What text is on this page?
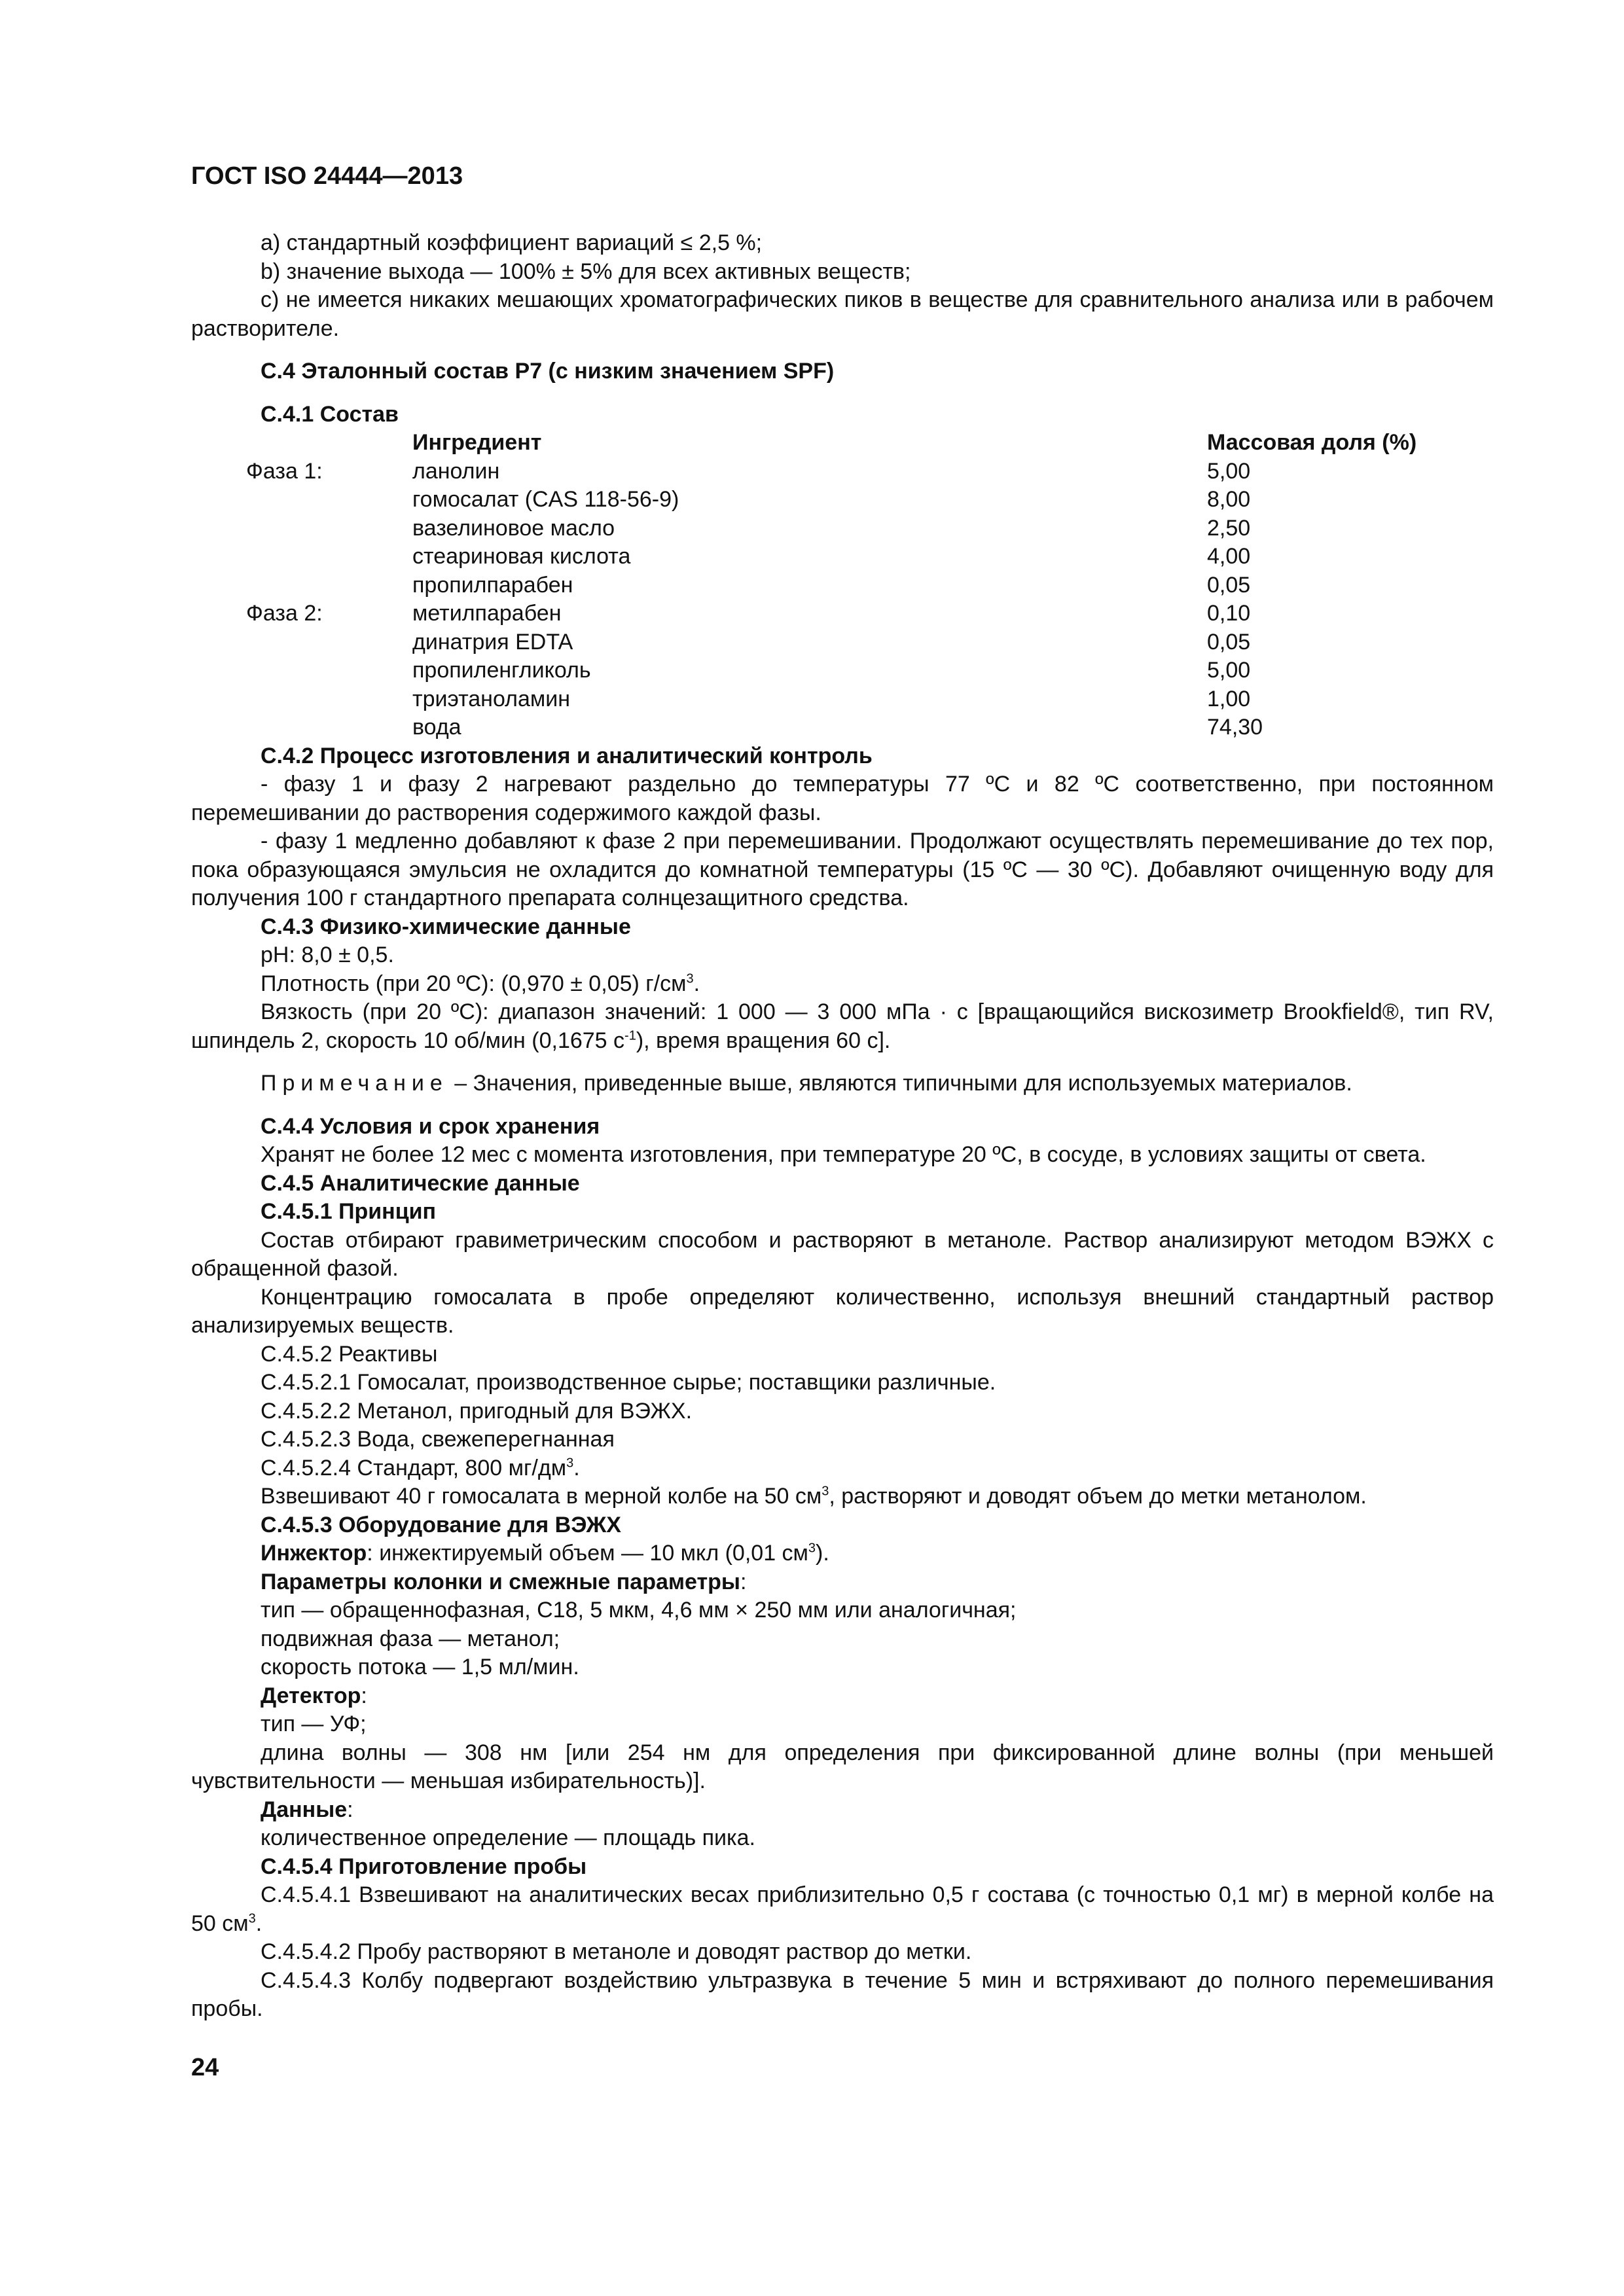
ГОСТ ISO 24444—2013

а) стандартный коэффициент вариаций ≤ 2,5 %;

b) значение выхода — 100% ± 5% для всех активных веществ;

с) не имеется никаких мешающих хроматографических пиков в веществе для сравнительного анализа или в рабочем растворителе.

С.4 Эталонный состав Р7 (с низким значением SPF)

С.4.1 Состав

		Ингредиент	Массовая доля (%)
	Фаза 1:	ланолин	5,00
		гомосалат (CAS 118-56-9)	8,00
		вазелиновое масло	2,50
		стеариновая кислота	4,00
		пропилпарабен	0,05
	Фаза 2:	метилпарабен	0,10
		динатрия EDTA	0,05
		пропиленгликоль	5,00
		триэтаноламин	1,00
		вода	74,30

С.4.2 Процесс изготовления и аналитический контроль

- фазу 1 и фазу 2 нагревают раздельно до температуры 77 ºC и 82 ºC соответственно, при постоянном перемешивании до растворения содержимого каждой фазы.

- фазу 1 медленно добавляют к фазе 2 при перемешивании. Продолжают осуществлять перемешивание до тех пор, пока образующаяся эмульсия не охладится до комнатной температуры (15 ºC — 30 ºC). Добавляют очищенную воду для получения 100 г стандартного препарата солнцезащитного средства.

С.4.3 Физико-химические данные

pH: 8,0 ± 0,5.

Плотность (при 20 ºC): (0,970 ± 0,05) $г/см^3$.

Вязкость (при 20 ºC): диапазон значений: 1 000 — 3 000 мПа · с [вращающийся вискозиметр Brookfield®, тип RV, шпиндель 2, скорость 10 об/мин (0,1675 $с^{-1}$), время вращения 60 с].

Примечание – Значения, приведенные выше, являются типичными для используемых материалов.

С.4.4 Условия и срок хранения

Хранят не более 12 мес с момента изготовления, при температуре 20 ºC, в сосуде, в условиях защиты от света.

С.4.5 Аналитические данные

С.4.5.1 Принцип

Состав отбирают гравиметрическим способом и растворяют в метаноле. Раствор анализируют методом ВЭЖХ с обращенной фазой.

Концентрацию гомосалата в пробе определяют количественно, используя внешний стандартный раствор анализируемых веществ.

С.4.5.2 Реактивы

С.4.5.2.1 Гомосалат, производственное сырье; поставщики различные.

С.4.5.2.2 Метанол, пригодный для ВЭЖХ.

С.4.5.2.3 Вода, свежеперегнанная

С.4.5.2.4 Стандарт, 800 $мг/дм^3$.

Взвешивают 40 г гомосалата в мерной колбе на 50 $см^3$, растворяют и доводят объем до метки метанолом.

С.4.5.3 Оборудование для ВЭЖХ

Инжектор: инжектируемый объем — 10 мкл (0,01 $см^3$).

Параметры колонки и смежные параметры:

тип — обращеннофазная, С18, 5 мкм, 4,6 мм × 250 мм или аналогичная;

подвижная фаза — метанол;

скорость потока — 1,5 мл/мин.

Детектор:

тип — УФ;

длина волны — 308 нм [или 254 нм для определения при фиксированной длине волны (при меньшей чувствительности — меньшая избирательность)].

Данные:

количественное определение — площадь пика.

С.4.5.4 Приготовление пробы

С.4.5.4.1 Взвешивают на аналитических весах приблизительно 0,5 г состава (с точностью 0,1 мг) в мерной колбе на 50 $см^3$.

С.4.5.4.2 Пробу растворяют в метаноле и доводят раствор до метки.

С.4.5.4.3 Колбу подвергают воздействию ультразвука в течение 5 мин и встряхивают до полного перемешивания пробы.

24
